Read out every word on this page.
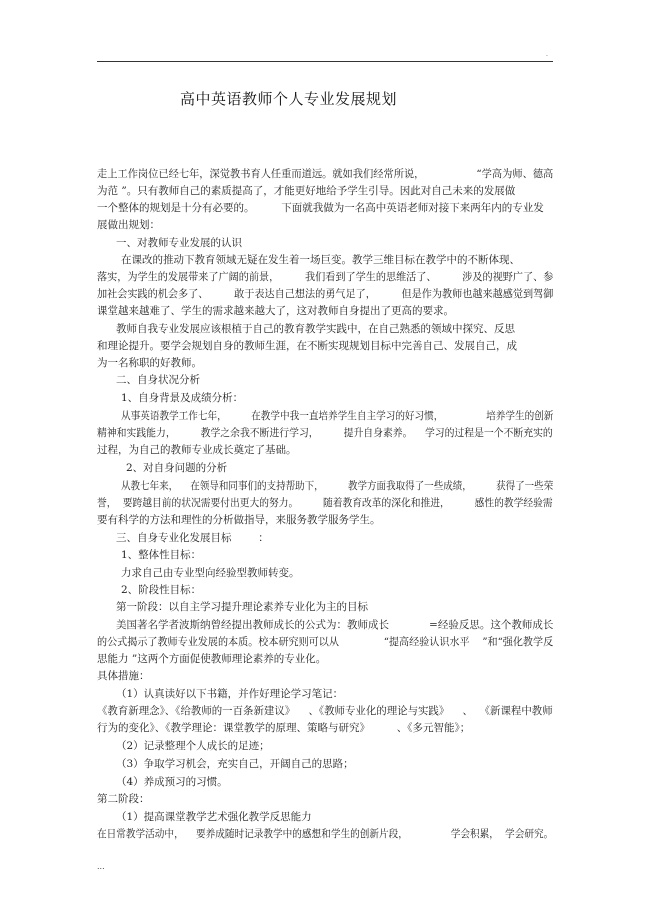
.
高中英语教师个人专业发展规划
走上工作岗位已经七年，深觉教书育人任重而道远。就如我们经常所说，                “学高为师、德高
为范 ”。只有教师自己的素质提高了，才能更好地给予学生引导。因此对自己未来的发展做
一个整体的规划是十分有必要的。        下面就我做为一名高中英语老师对接下来两年内的专业发
展做出规划：
一、对教师专业发展的认识
在课改的推动下教育领域无疑在发生着一场巨变。教学三维目标在教学中的不断体现、
落实，为学生的发展带来了广阔的前景，        我们看到了学生的思维活了、        涉及的视野广了、参
加社会实践的机会多了、        敢于表达自己想法的勇气足了，        但是作为教师也越来越感觉到驾御
课堂越来越难了、学生的需求越来越大了，这对教师自身提出了更高的要求。
教师自我专业发展应该根植于自己的教育教学实践中，在自己熟悉的领域中探究、反思
和理论提升。要学会规划自身的教师生涯，在不断实现规划目标中完善自己、发展自己，成
为一名称职的好教师。
二、自身状况分析
1、自身背景及成绩分析：
从事英语教学工作七年，        在教学中我一直培养学生自主学习的好习惯，              培养学生的创新
精神和实践能力，        教学之余我不断进行学习，        提升自身素养。    学习的过程是一个不断充实的
过程，为自己的教师专业成长奠定了基础。
2、对自身问题的分析
从教七年来，    在领导和同事们的支持帮助下，        教学方面我取得了一些成绩，        获得了一些荣
誉，  要跨越目前的状况需要付出更大的努力。        随着教育改革的深化和推进，        感性的教学经验需
要有科学的方法和理性的分析做指导，来服务教学服务学生。
三、自身专业化发展目标        ：
1、整体性目标：
力求自己由专业型向经验型教师转变。
2、阶段性目标：
第一阶段：以自主学习提升理论素养专业化为主的目标
美国著名学者波斯纳曾经提出教师成长的公式为：教师成长            =经验反思。这个教师成长
的公式揭示了教师专业发展的本质。校本研究则可以从              “提高经验认识水平    ”和“强化教学反
思能力 ”这两个方面促使教师理论素养的专业化。
具体措施：
（1）认真读好以下书籍，并作好理论学习笔记：
《教育新理念》、《给教师的一百条新建议》    、《教师专业化的理论与实践》    、  《新课程中教师
行为的变化》、《教学理论：课堂教学的原理、策略与研究》        、《多元智能》；
（2）记录整理个人成长的足迹；
（3）争取学习机会，充实自己，开阔自己的思路；
（4）养成预习的习惯。
第二阶段：
（1）提高课堂教学艺术强化教学反思能力
在日常教学活动中，    要养成随时记录教学中的感想和学生的创新片段，              学会积累，  学会研究。
...
